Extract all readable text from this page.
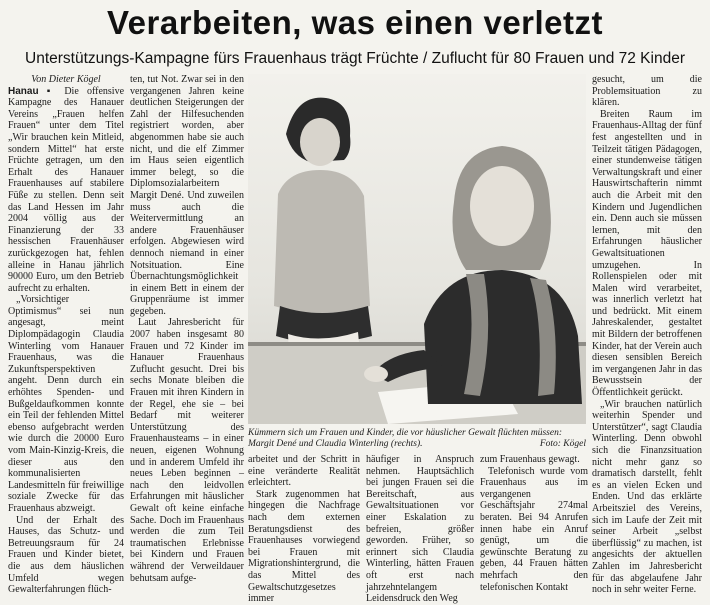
Verarbeiten, was einen verletzt
Unterstützungs-Kampagne fürs Frauenhaus trägt Früchte / Zuflucht für 80 Frauen und 72 Kinder

Von Dieter Kögel

Hanau ▪ Die offensive Kampagne des Hanauer Vereins „Frauen helfen Frauen“ unter dem Titel „Wir brauchen kein Mitleid, sondern Mittel“ hat erste Früchte getragen, um den Erhalt des Hanauer Frauenhauses auf stabilere Füße zu stellen. Denn seit das Land Hessen im Jahr 2004 völlig aus der Finanzierung der 33 hessischen Frauenhäuser zurückgezogen hat, fehlen alleine in Hanau jährlich 90000 Euro, um den Betrieb aufrecht zu erhalten.

„Vorsichtiger Optimismus“ sei nun angesagt, meint Diplompädagogin Claudia Winterling vom Hanauer Frauenhaus, was die Zukunftsperspektiven angeht. Denn durch ein erhöhtes Spenden- und Bußgeldaufkommen konnte ein Teil der fehlenden Mittel ebenso aufgebracht werden wie durch die 20000 Euro vom Main-Kinzig-Kreis, die dieser aus den kommunalisierten Landesmitteln für freiwillige soziale Zwecke für das Frauenhaus abzweigt.

Und der Erhalt des Hauses, das Schutz- und Betreuungsraum für 24 Frauen und Kinder bietet, die aus dem häuslichen Umfeld wegen Gewalterfahrungen flüch-

ten, tut Not. Zwar sei in den vergangenen Jahren keine deutlichen Steigerungen der Zahl der Hilfesuchenden registriert worden, aber abgenommen habe sie auch nicht, und die elf Zimmer im Haus seien eigentlich immer belegt, so die Diplomsozialarbeitern Margit Dené. Und zuweilen muss auch die Weitervermittlung an andere Frauenhäuser erfolgen. Abgewiesen wird dennoch niemand in einer Notsituation. Eine Übernachtungsmöglichkeit in einem Bett in einem der Gruppenräume ist immer gegeben.

Laut Jahresbericht für 2007 haben insgesamt 80 Frauen und 72 Kinder im Hanauer Frauenhaus Zuflucht gesucht. Drei bis sechs Monate bleiben die Frauen mit ihren Kindern in der Regel, ehe sie – bei Bedarf mit weiterer Unterstützung des Frauenhausteams – in einer neuen, eigenen Wohnung und in anderem Umfeld ihr neues Leben beginnen – nach den leidvollen Erfahrungen mit häuslicher Gewalt oft keine einfache Sache. Doch im Frauenhaus werden die zum Teil traumatischen Erlebnisse bei Kindern und Frauen während der Verweildauer behutsam aufge-

Kümmern sich um Frauen und Kinder, die vor häuslicher Gewalt flüchten müssen: Margit Dené und Claudia Winterling (rechts).	Foto: Kögel

arbeitet und der Schritt in eine veränderte Realität erleichtert.

Stark zugenommen hat hingegen die Nachfrage nach dem externen Beratungsdienst des Frauenhauses vorwiegend bei Frauen mit Migrationshintergrund, die das Mittel des Gewaltschutzgesetzes immer

häufiger in Anspruch nehmen. Hauptsächlich bei jungen Frauen sei die Bereitschaft, aus Gewaltsituationen vor einer Eskalation zu befreien, größer geworden. Früher, so erinnert sich Claudia Winterling, hätten Frauen oft erst nach jahrzehntelangem Leidensdruck den Weg

zum Frauenhaus gewagt.

Telefonisch wurde vom Frauenhaus aus im vergangenen Geschäftsjahr 274mal beraten. Bei 94 Anrufen innen habe ein Anruf genügt, um die gewünschte Beratung zu geben, 44 Frauen hätten mehrfach den telefonischen Kontakt

gesucht, um die Problemsituation zu klären.

Breiten Raum im Frauenhaus-Alltag der fünf fest angestellten und in Teilzeit tätigen Pädagogen, einer stundenweise tätigen Verwaltungskraft und einer Hauswirtschafterin nimmt auch die Arbeit mit den Kindern und Jugendlichen ein. Denn auch sie müssen lernen, mit den Erfahrungen häuslicher Gewaltsituationen umzugehen. In Rollenspielen oder mit Malen wird verarbeitet, was innerlich verletzt hat und bedrückt. Mit einem Jahreskalender, gestaltet mit Bildern der betroffenen Kinder, hat der Verein auch diesen sensiblen Bereich im vergangenen Jahr in das Bewusstsein der Öffentlichkeit gerückt.

„Wir brauchen natürlich weiterhin Spender und Unterstützer“, sagt Claudia Winterling. Denn obwohl sich die Finanzsituation nicht mehr ganz so dramatisch darstellt, fehlt es an vielen Ecken und Enden. Und das erklärte Arbeitsziel des Vereins, sich im Laufe der Zeit mit seiner Arbeit „selbst überflüssig“ zu machen, ist angesichts der aktuellen Zahlen im Jahresbericht für das abgelaufene Jahr noch in sehr weiter Ferne.
